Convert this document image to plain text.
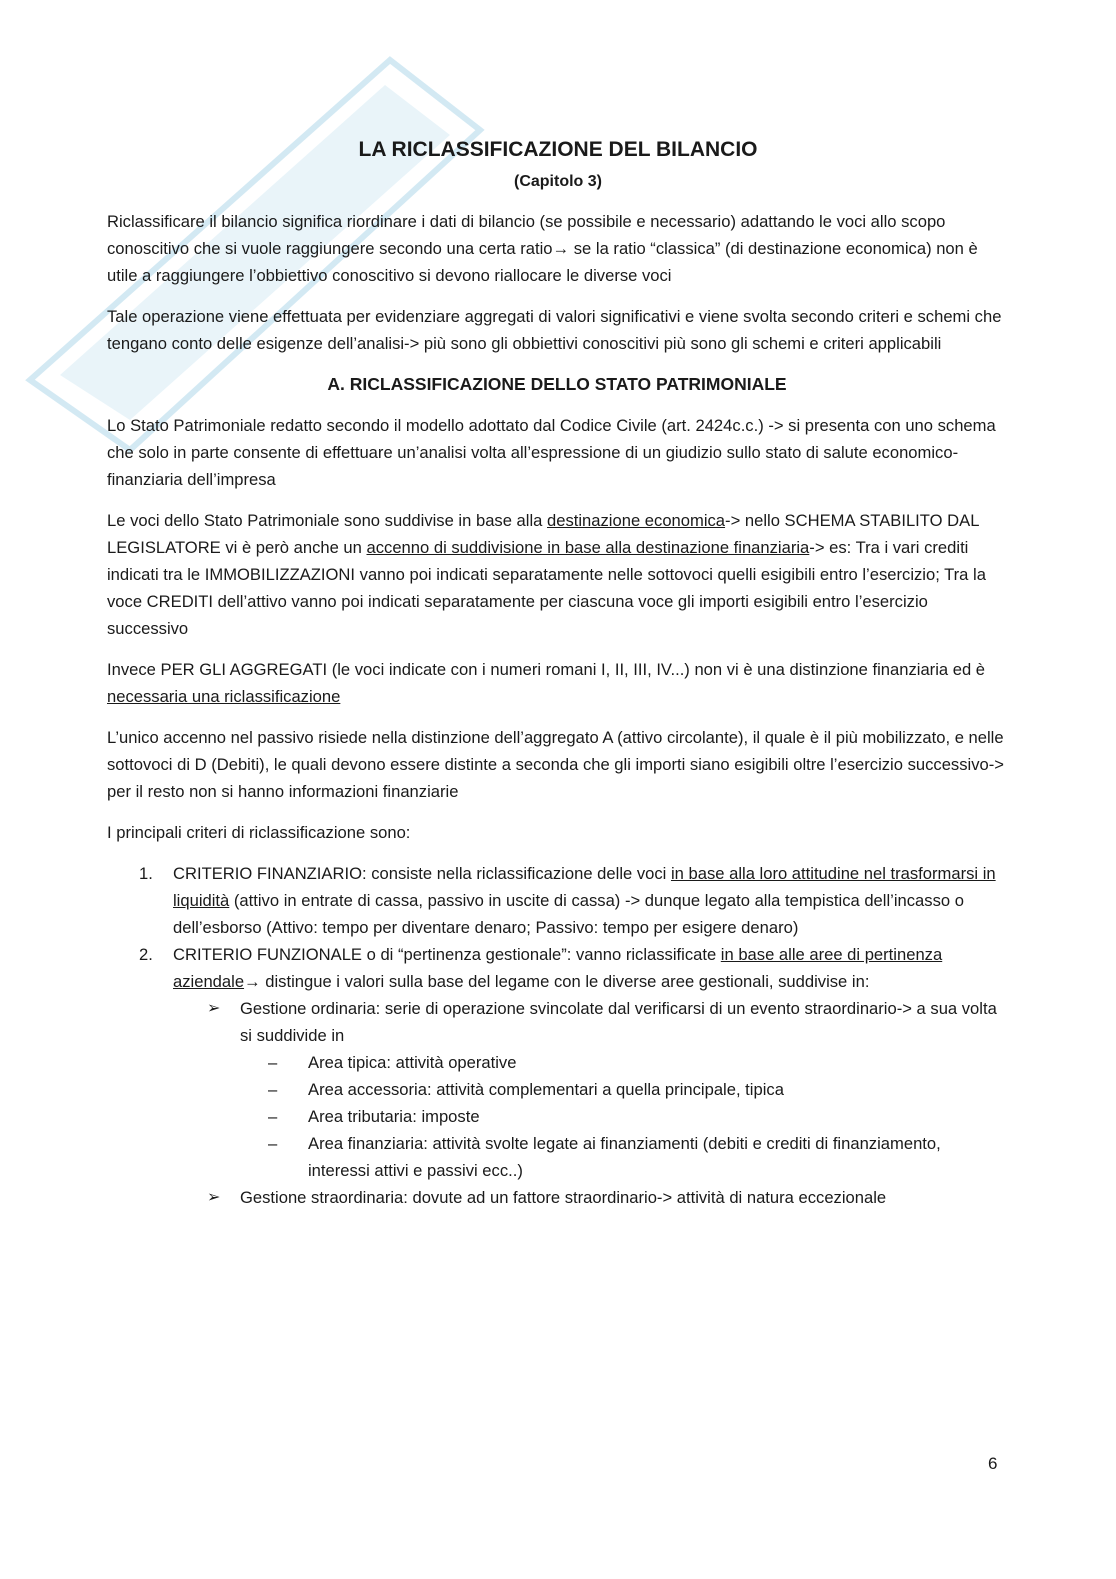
LA RICLASSIFICAZIONE DEL BILANCIO
(Capitolo 3)

Riclassificare il bilancio significa riordinare i dati di bilancio (se possibile e necessario) adattando le voci allo scopo conoscitivo che si vuole raggiungere secondo una certa ratio→ se la ratio “classica” (di destinazione economica) non è utile a raggiungere l’obbiettivo conoscitivo si devono riallocare le diverse voci

Tale operazione viene effettuata per evidenziare aggregati di valori significativi e viene svolta secondo criteri e schemi che tengano conto delle esigenze dell’analisi-> più sono gli obbiettivi conoscitivi più sono gli schemi e criteri applicabili

A. RICLASSIFICAZIONE DELLO STATO PATRIMONIALE

Lo Stato Patrimoniale redatto secondo il modello adottato dal Codice Civile (art. 2424c.c.) -> si presenta con uno schema che solo in parte consente di effettuare un’analisi volta all’espressione di un giudizio sullo stato di salute economico-finanziaria dell’impresa

Le voci dello Stato Patrimoniale sono suddivise in base alla destinazione economica-> nello SCHEMA STABILITO DAL LEGISLATORE vi è però anche un accenno di suddivisione in base alla destinazione finanziaria-> es: Tra i vari crediti indicati tra le IMMOBILIZZAZIONI vanno poi indicati separatamente nelle sottovoci quelli esigibili entro l’esercizio; Tra la voce CREDITI dell’attivo vanno poi indicati separatamente per ciascuna voce gli importi esigibili entro l’esercizio successivo

Invece PER GLI AGGREGATI (le voci indicate con i numeri romani I, II, III, IV...) non vi è una distinzione finanziaria ed è necessaria una riclassificazione

L’unico accenno nel passivo risiede nella distinzione dell’aggregato A (attivo circolante), il quale è il più mobilizzato, e nelle sottovoci di D (Debiti), le quali devono essere distinte a seconda che gli importi siano esigibili oltre l’esercizio successivo-> per il resto non si hanno informazioni finanziarie

I principali criteri di riclassificazione sono:

1. CRITERIO FINANZIARIO: consiste nella riclassificazione delle voci in base alla loro attitudine nel trasformarsi in liquidità (attivo in entrate di cassa, passivo in uscite di cassa) -> dunque legato alla tempistica dell’incasso o dell’esborso (Attivo: tempo per diventare denaro; Passivo: tempo per esigere denaro)
2. CRITERIO FUNZIONALE o di “pertinenza gestionale”: vanno riclassificate in base alle aree di pertinenza aziendale→ distingue i valori sulla base del legame con le diverse aree gestionali, suddivise in:
➢ Gestione ordinaria: serie di operazione svincolate dal verificarsi di un evento straordinario-> a sua volta si suddivide in
– Area tipica: attività operative
– Area accessoria: attività complementari a quella principale, tipica
– Area tributaria: imposte
– Area finanziaria: attività svolte legate ai finanziamenti (debiti e crediti di finanziamento, interessi attivi e passivi ecc..)
➢ Gestione straordinaria: dovute ad un fattore straordinario-> attività di natura eccezionale
6
